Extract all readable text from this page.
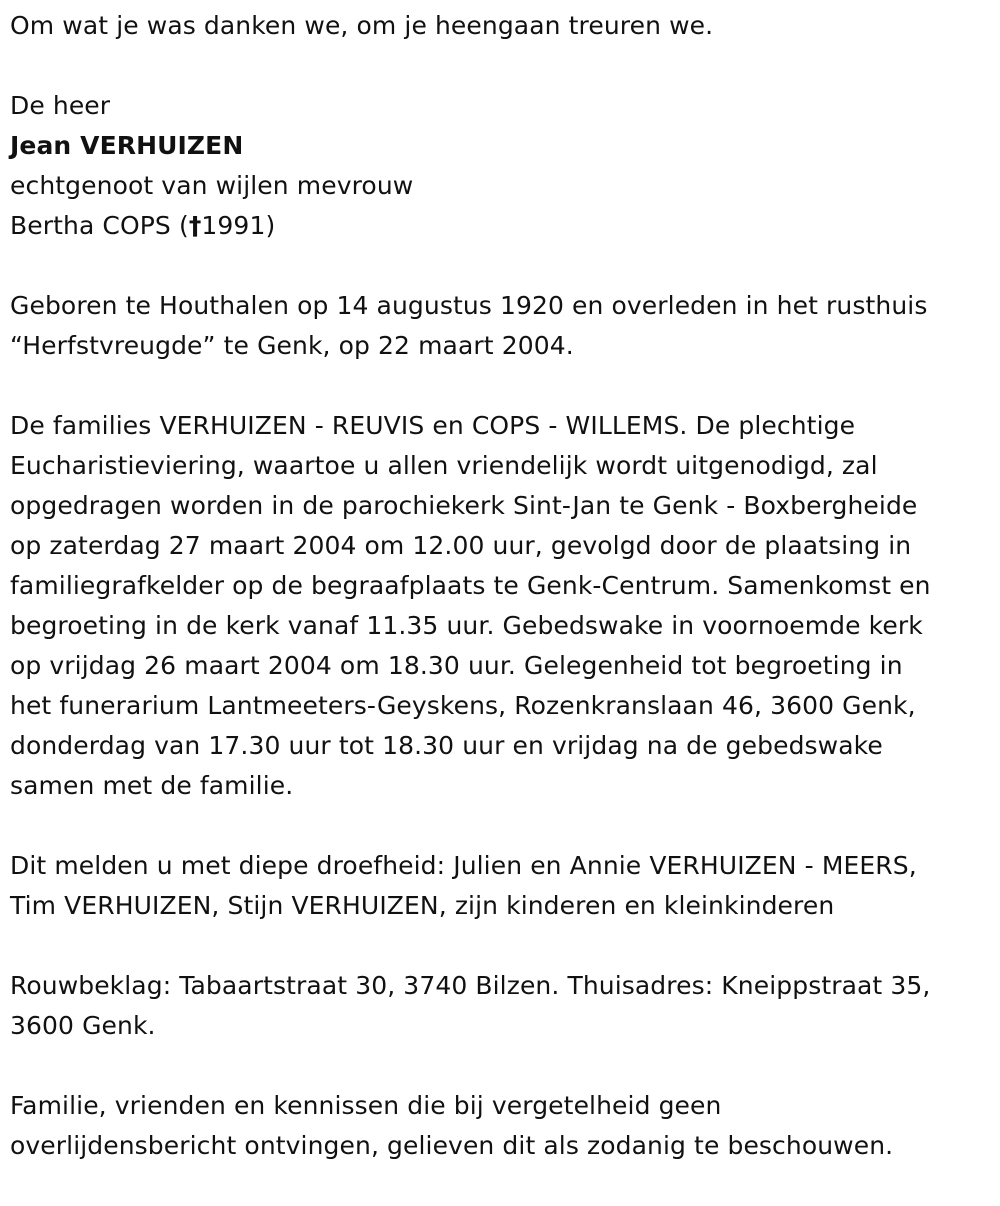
Om wat je was danken we, om je heengaan treuren we.
De heer
Jean VERHUIZEN
echtgenoot van wijlen mevrouw
Bertha COPS (†1991)
Geboren te Houthalen op 14 augustus 1920 en overleden in het rusthuis
“Herfstvreugde” te Genk, op 22 maart 2004.
De families VERHUIZEN - REUVIS en COPS - WILLEMS. De plechtige
Eucharistieviering, waartoe u allen vriendelijk wordt uitgenodigd, zal
opgedragen worden in de parochiekerk Sint-Jan te Genk - Boxbergheide
op zaterdag 27 maart 2004 om 12.00 uur, gevolgd door de plaatsing in
familiegrafkelder op de begraafplaats te Genk-Centrum. Samenkomst en
begroeting in de kerk vanaf 11.35 uur. Gebedswake in voornoemde kerk
op vrijdag 26 maart 2004 om 18.30 uur. Gelegenheid tot begroeting in
het funerarium Lantmeeters-Geyskens, Rozenkranslaan 46, 3600 Genk,
donderdag van 17.30 uur tot 18.30 uur en vrijdag na de gebedswake
samen met de familie.
Dit melden u met diepe droefheid: Julien en Annie VERHUIZEN - MEERS,
Tim VERHUIZEN, Stijn VERHUIZEN, zijn kinderen en kleinkinderen
Rouwbeklag: Tabaartstraat 30, 3740 Bilzen. Thuisadres: Kneippstraat 35,
3600 Genk.
Familie, vrienden en kennissen die bij vergetelheid geen
overlijdensbericht ontvingen, gelieven dit als zodanig te beschouwen.
